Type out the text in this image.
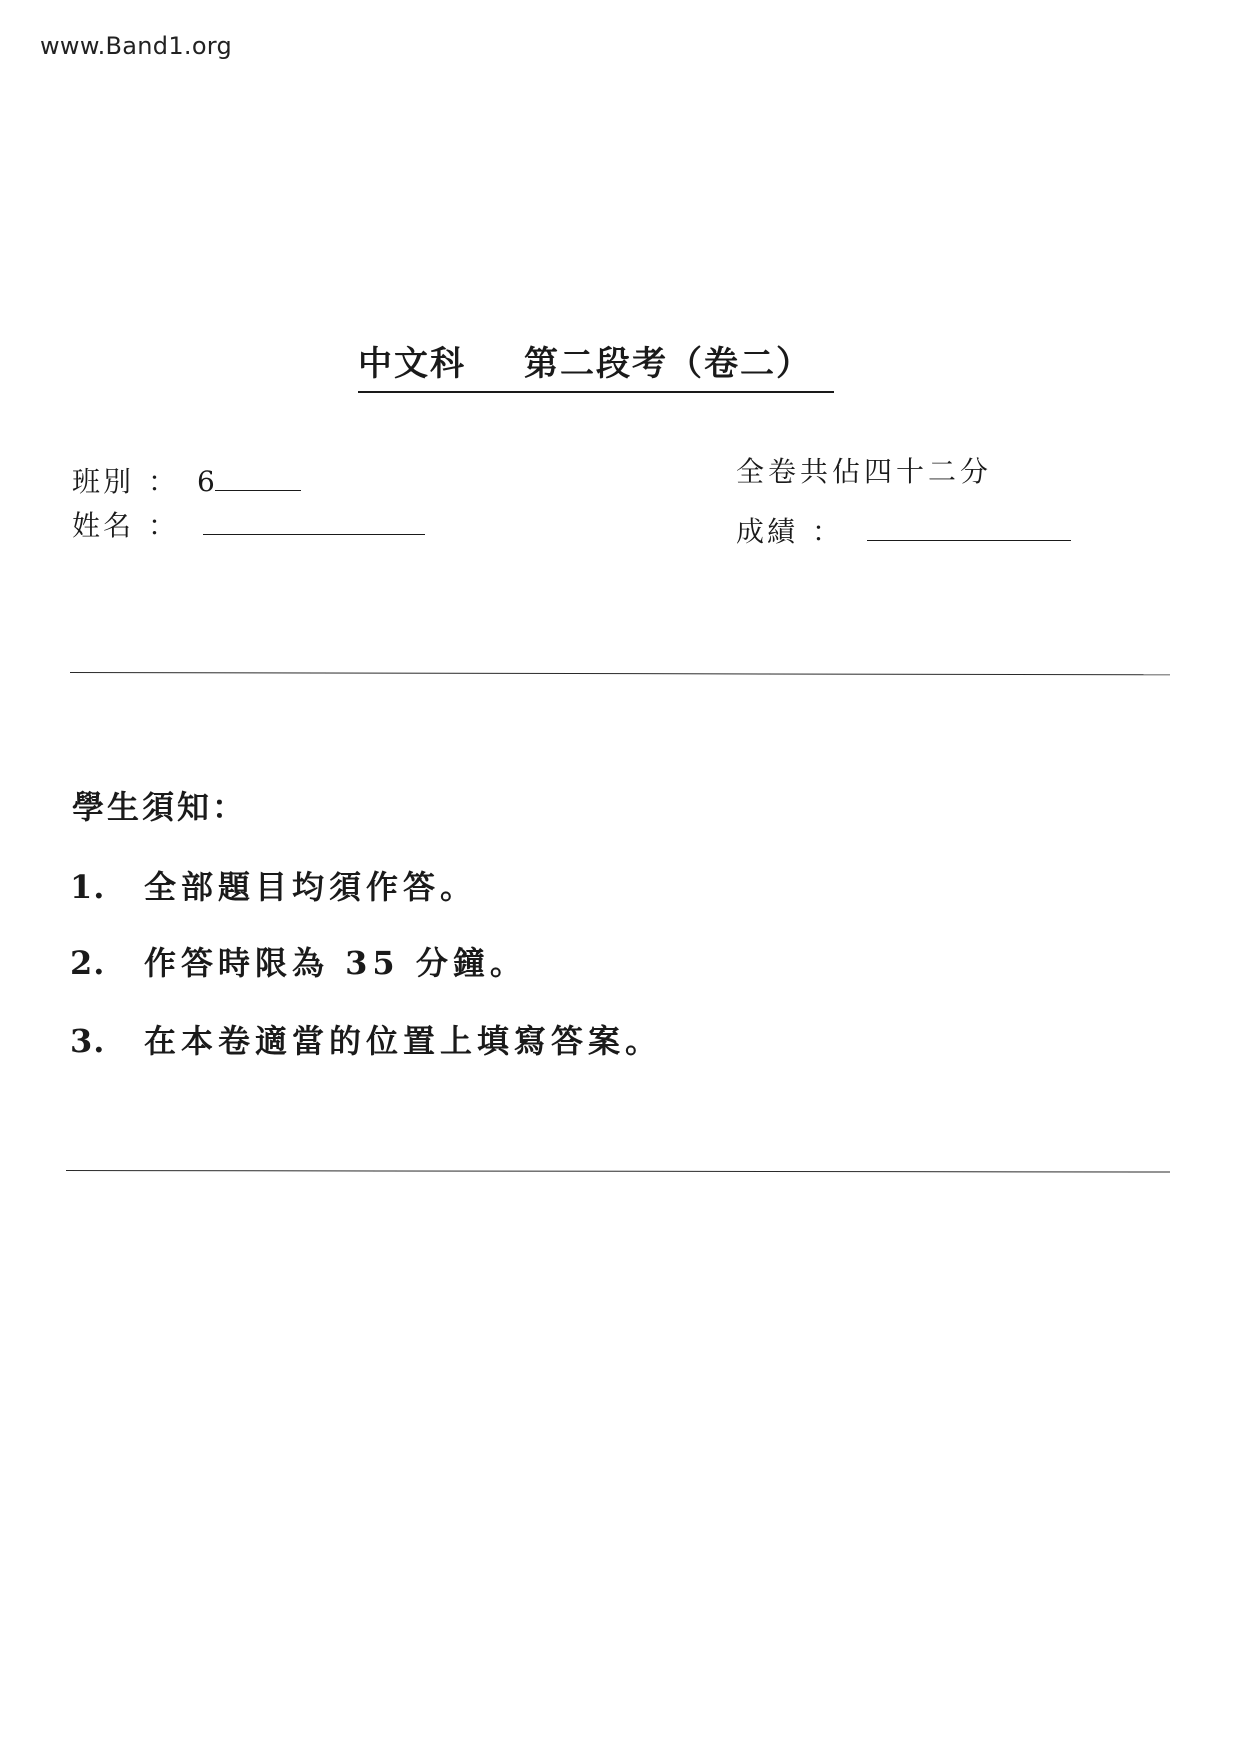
www.Band1.org
中文科 第二段考（卷二）
班別 ： 6
姓名 ：
全卷共佔四十二分
成績 ：
學生須知：
1. 全部題目均須作答。
2. 作答時限為 35 分鐘。
3. 在本卷適當的位置上填寫答案。
